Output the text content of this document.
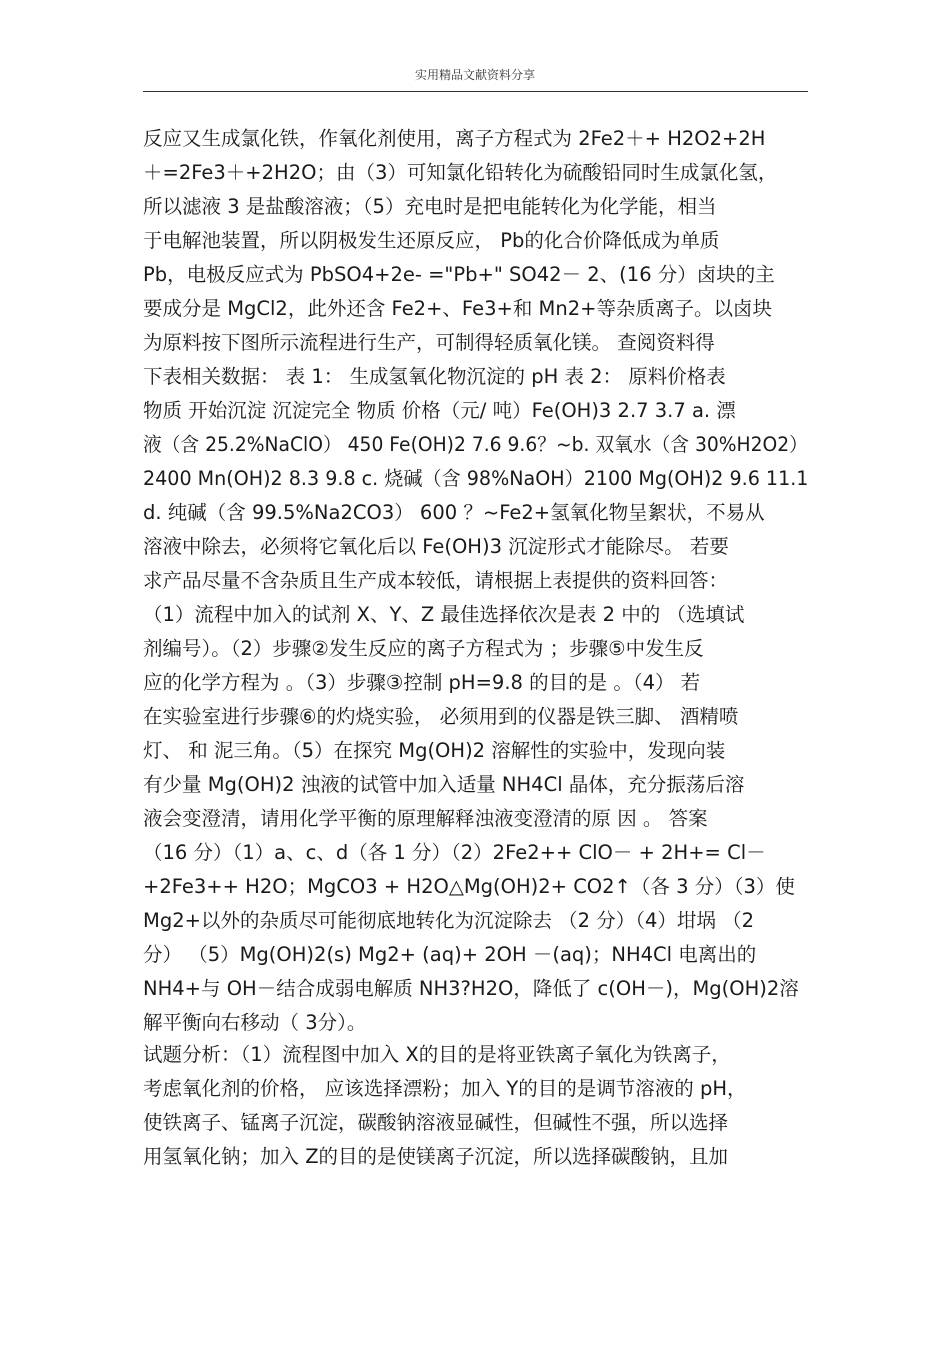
实用精品文献资料分享
反应又生成氯化铁，作氧化剂使用，离子方程式为 2Fe2＋+ H2O2+2H
＋=2Fe3＋+2H2O；由（3）可知氯化铅转化为硫酸铅同时生成氯化氢，
所以滤液 3 是盐酸溶液；（5）充电时是把电能转化为化学能，相当
于电解池装置，所以阴极发生还原反应， Pb的化合价降低成为单质
Pb，电极反应式为 PbSO4+2e- ="Pb+" SO42－ 2、(16 分）卤块的主
要成分是 MgCl2，此外还含 Fe2+、Fe3+和 Mn2+等杂质离子。以卤块
为原料按下图所示流程进行生产，可制得轻质氧化镁。 查阅资料得
下表相关数据： 表 1： 生成氢氧化物沉淀的 pH 表 2： 原料价格表
物质 开始沉淀 沉淀完全 物质 价格（元/ 吨）Fe(OH)3 2.7 3.7 a. 漂
液（含 25.2%NaClO） 450 Fe(OH)2 7.6 9.6？~b. 双氧水（含 30%H2O2）
2400 Mn(OH)2 8.3 9.8 c. 烧碱（含 98%NaOH）2100 Mg(OH)2 9.6 11.1
d. 纯碱（含 99.5%Na2CO3） 600 ？~Fe2+氢氧化物呈絮状，不易从
溶液中除去，必须将它氧化后以 Fe(OH)3 沉淀形式才能除尽。 若要
求产品尽量不含杂质且生产成本较低，请根据上表提供的资料回答：
（1）流程中加入的试剂 X、Y、Z 最佳选择依次是表 2 中的 （选填试
剂编号）。（2）步骤②发生反应的离子方程式为 ；步骤⑤中发生反
应的化学方程为 。（3）步骤③控制 pH=9.8 的目的是 。（4） 若
在实验室进行步骤⑥的灼烧实验， 必须用到的仪器是铁三脚、 酒精喷
灯、 和 泥三角。（5）在探究 Mg(OH)2 溶解性的实验中，发现向装
有少量 Mg(OH)2 浊液的试管中加入适量 NH4Cl 晶体，充分振荡后溶
液会变澄清，请用化学平衡的原理解释浊液变澄清的原 因 。 答案
（16 分）（1）a、c、d（各 1 分）（2）2Fe2++ ClO－ + 2H+= Cl－
+2Fe3++ H2O；MgCO3 + H2O△Mg(OH)2+ CO2↑（各 3 分）（3）使
Mg2+以外的杂质尽可能彻底地转化为沉淀除去 （2 分）（4）坩埚 （2
分） （5）Mg(OH)2(s) Mg2+ (aq)+ 2OH －(aq)；NH4Cl 电离出的
NH4+与 OH－结合成弱电解质 NH3?H2O，降低了 c(OH－)，Mg(OH)2溶
解平衡向右移动（ 3分）。
试题分析：（1）流程图中加入 X的目的是将亚铁离子氧化为铁离子，
考虑氧化剂的价格， 应该选择漂粉；加入 Y的目的是调节溶液的 pH，
使铁离子、锰离子沉淀，碳酸钠溶液显碱性，但碱性不强，所以选择
用氢氧化钠；加入 Z的目的是使镁离子沉淀，所以选择碳酸钠，且加
